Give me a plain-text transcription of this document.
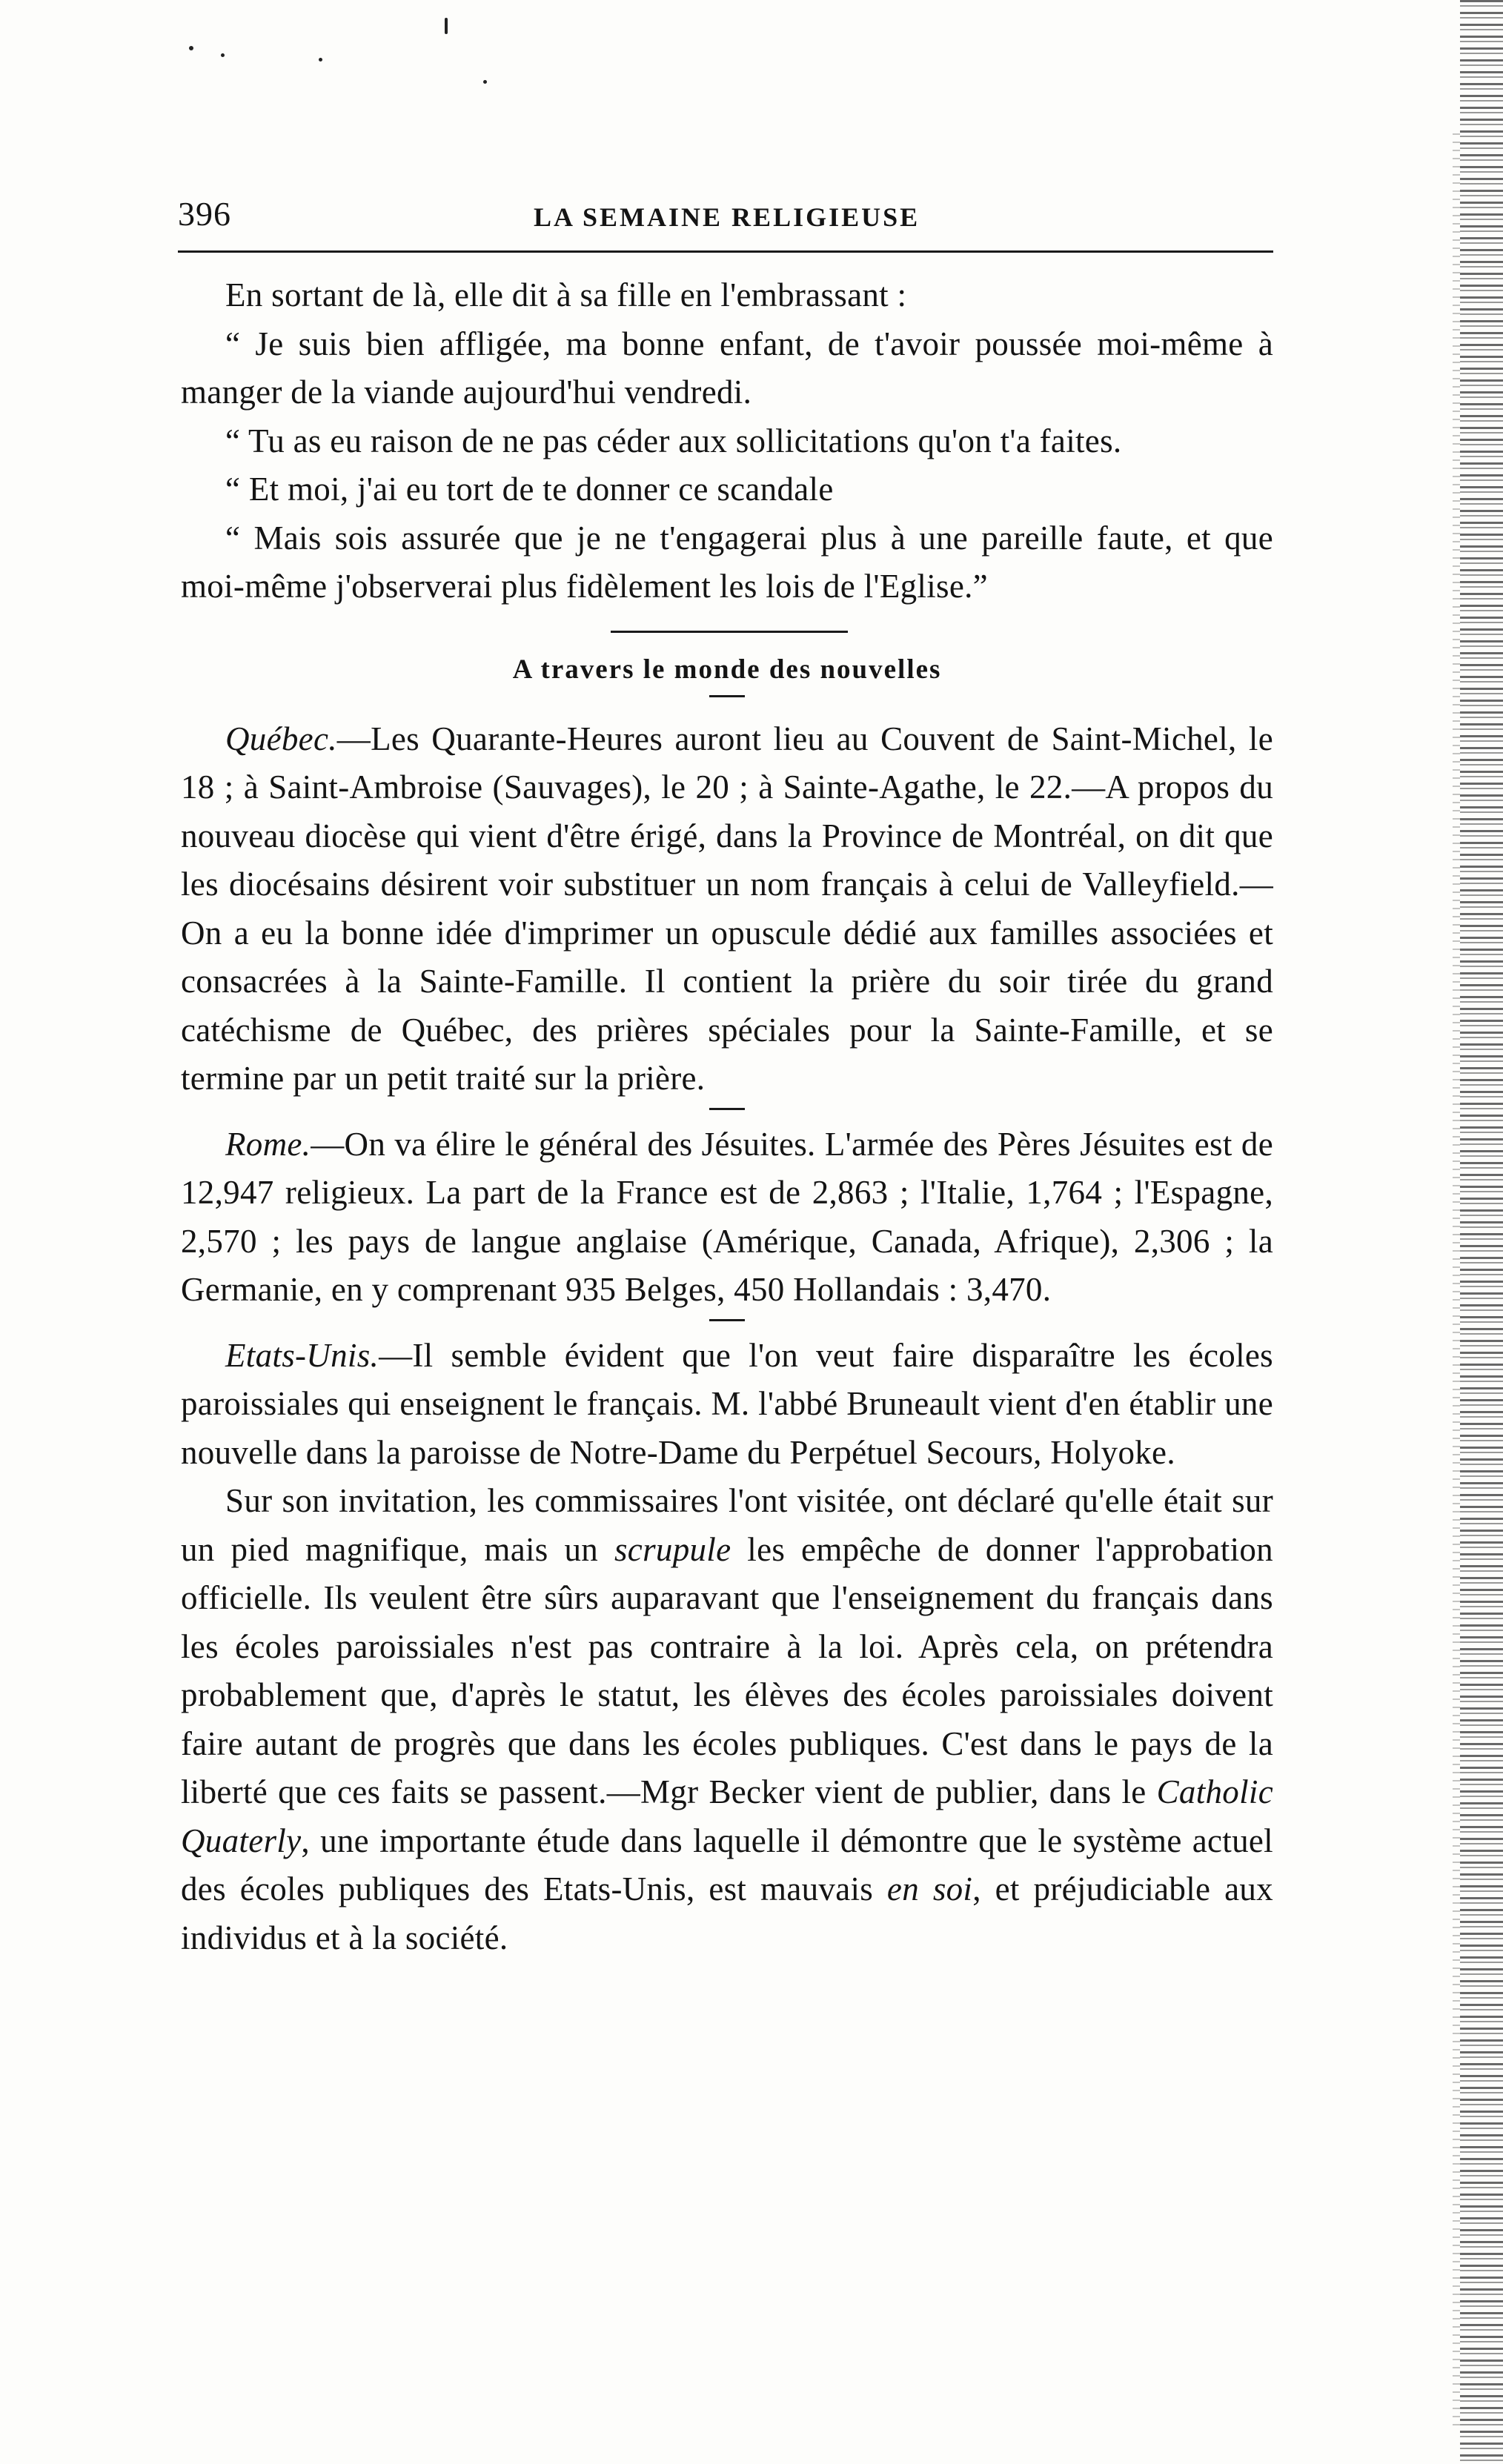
396	LA SEMAINE RELIGIEUSE

En sortant de là, elle dit à sa fille en l'embrassant :

“ Je suis bien affligée, ma bonne enfant, de t'avoir poussée moi-même à manger de la viande aujourd'hui vendredi.

“ Tu as eu raison de ne pas céder aux sollicitations qu'on t'a faites.

“ Et moi, j'ai eu tort de te donner ce scandale

“ Mais sois assurée que je ne t'engagerai plus à une pareille faute, et que moi-même j'observerai plus fidèlement les lois de l'Eglise.”

A travers le monde des nouvelles

Québec.—Les Quarante-Heures auront lieu au Couvent de Saint-Michel, le 18 ; à Saint-Ambroise (Sauvages), le 20 ; à Sainte-Agathe, le 22.—A propos du nouveau diocèse qui vient d'être érigé, dans la Province de Montréal, on dit que les diocésains désirent voir substituer un nom français à celui de Valleyfield.—On a eu la bonne idée d'imprimer un opuscule dédié aux familles associées et consacrées à la Sainte-Famille. Il contient la prière du soir tirée du grand catéchisme de Québec, des prières spéciales pour la Sainte-Famille, et se termine par un petit traité sur la prière.

Rome.—On va élire le général des Jésuites. L'armée des Pères Jésuites est de 12,947 religieux. La part de la France est de 2,863 ; l'Italie, 1,764 ; l'Espagne, 2,570 ; les pays de langue anglaise (Amérique, Canada, Afrique), 2,306 ; la Germanie, en y comprenant 935 Belges, 450 Hollandais : 3,470.

Etats-Unis.—Il semble évident que l'on veut faire disparaître les écoles paroissiales qui enseignent le français. M. l'abbé Bruneault vient d'en établir une nouvelle dans la paroisse de Notre-Dame du Perpétuel Secours, Holyoke.

Sur son invitation, les commissaires l'ont visitée, ont déclaré qu'elle était sur un pied magnifique, mais un scrupule les empêche de donner l'approbation officielle. Ils veulent être sûrs auparavant que l'enseignement du français dans les écoles paroissiales n'est pas contraire à la loi. Après cela, on prétendra probablement que, d'après le statut, les élèves des écoles paroissiales doivent faire autant de progrès que dans les écoles publiques. C'est dans le pays de la liberté que ces faits se passent.—Mgr Becker vient de publier, dans le Catholic Quaterly, une importante étude dans laquelle il démontre que le système actuel des écoles publiques des Etats-Unis, est mauvais en soi, et préjudiciable aux individus et à la société.
